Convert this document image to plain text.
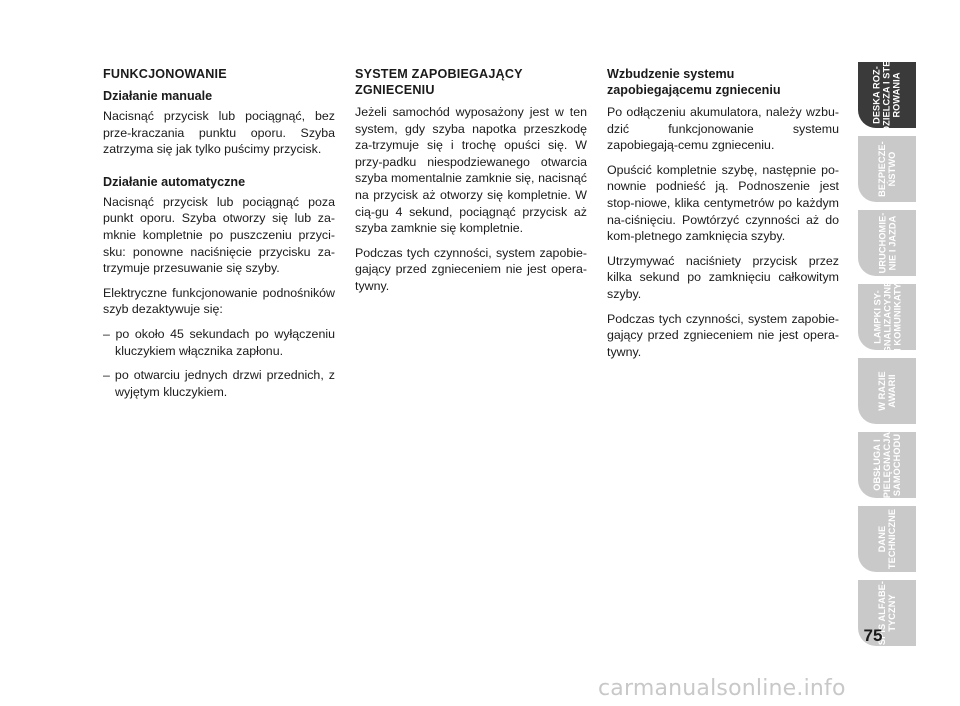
FUNKCJONOWANIE
Działanie manuale

Nacisnąć przycisk lub pociągnąć, bez prze-kraczania punktu oporu. Szyba zatrzyma się jak tylko puścimy przycisk.

Działanie automatyczne

Nacisnąć przycisk lub pociągnąć poza punkt oporu. Szyba otworzy się lub za-mknie kompletnie po puszczeniu przyci-sku: ponowne naciśnięcie przycisku za-trzymuje przesuwanie się szyby.

Elektryczne funkcjonowanie podnośników szyb dezaktywuje się:

– po około 45 sekundach po wyłączeniu kluczykiem włącznika zapłonu.

– po otwarciu jednych drzwi przednich, z wyjętym kluczykiem.

SYSTEM ZAPOBIEGAJĄCY ZGNIECENIU

Jeżeli samochód wyposażony jest w ten system, gdy szyba napotka przeszkodę za-trzymuje się i trochę opuści się. W przy-padku niespodziewanego otwarcia szyba momentalnie zamknie się, nacisnąć na przycisk aż otworzy się kompletnie. W cią-gu 4 sekund, pociągnąć przycisk aż szyba zamknie się kompletnie.

Podczas tych czynności, system zapobie-gający przed zgnieceniem nie jest opera-tywny.

Wzbudzenie systemu zapobiegającemu zgnieceniu

Po odłączeniu akumulatora, należy wzbu-dzić funkcjonowanie systemu zapobiegają-cemu zgnieceniu.

Opuścić kompletnie szybę, następnie po-nownie podnieść ją. Podnoszenie jest stop-niowe, klika centymetrów po każdym na-ciśnięciu. Powtórzyć czynności aż do kom-pletnego zamknięcia szyby.

Utrzymywać naciśniety przycisk przez kilka sekund po zamknięciu całkowitym szyby.

Podczas tych czynności, system zapobie-gający przed zgnieceniem nie jest opera-tywny.

DESKA ROZ-
DZIELCZA I STE-
ROWANIA
BEZPIECZE-
ŃSTWO
URUCHOMIE-
NIE I JAZDA
LAMPKI SY-
GNALIZACYJNE
I KOMUNIKATY
W RAZIE
AWARII
OBSŁUGA I
PIELĘGNACJA
SAMOCHODU
DANE
TECHNICZNE
SPIS ALFABE-
TYCZNY
75
carmanualsonline.info
